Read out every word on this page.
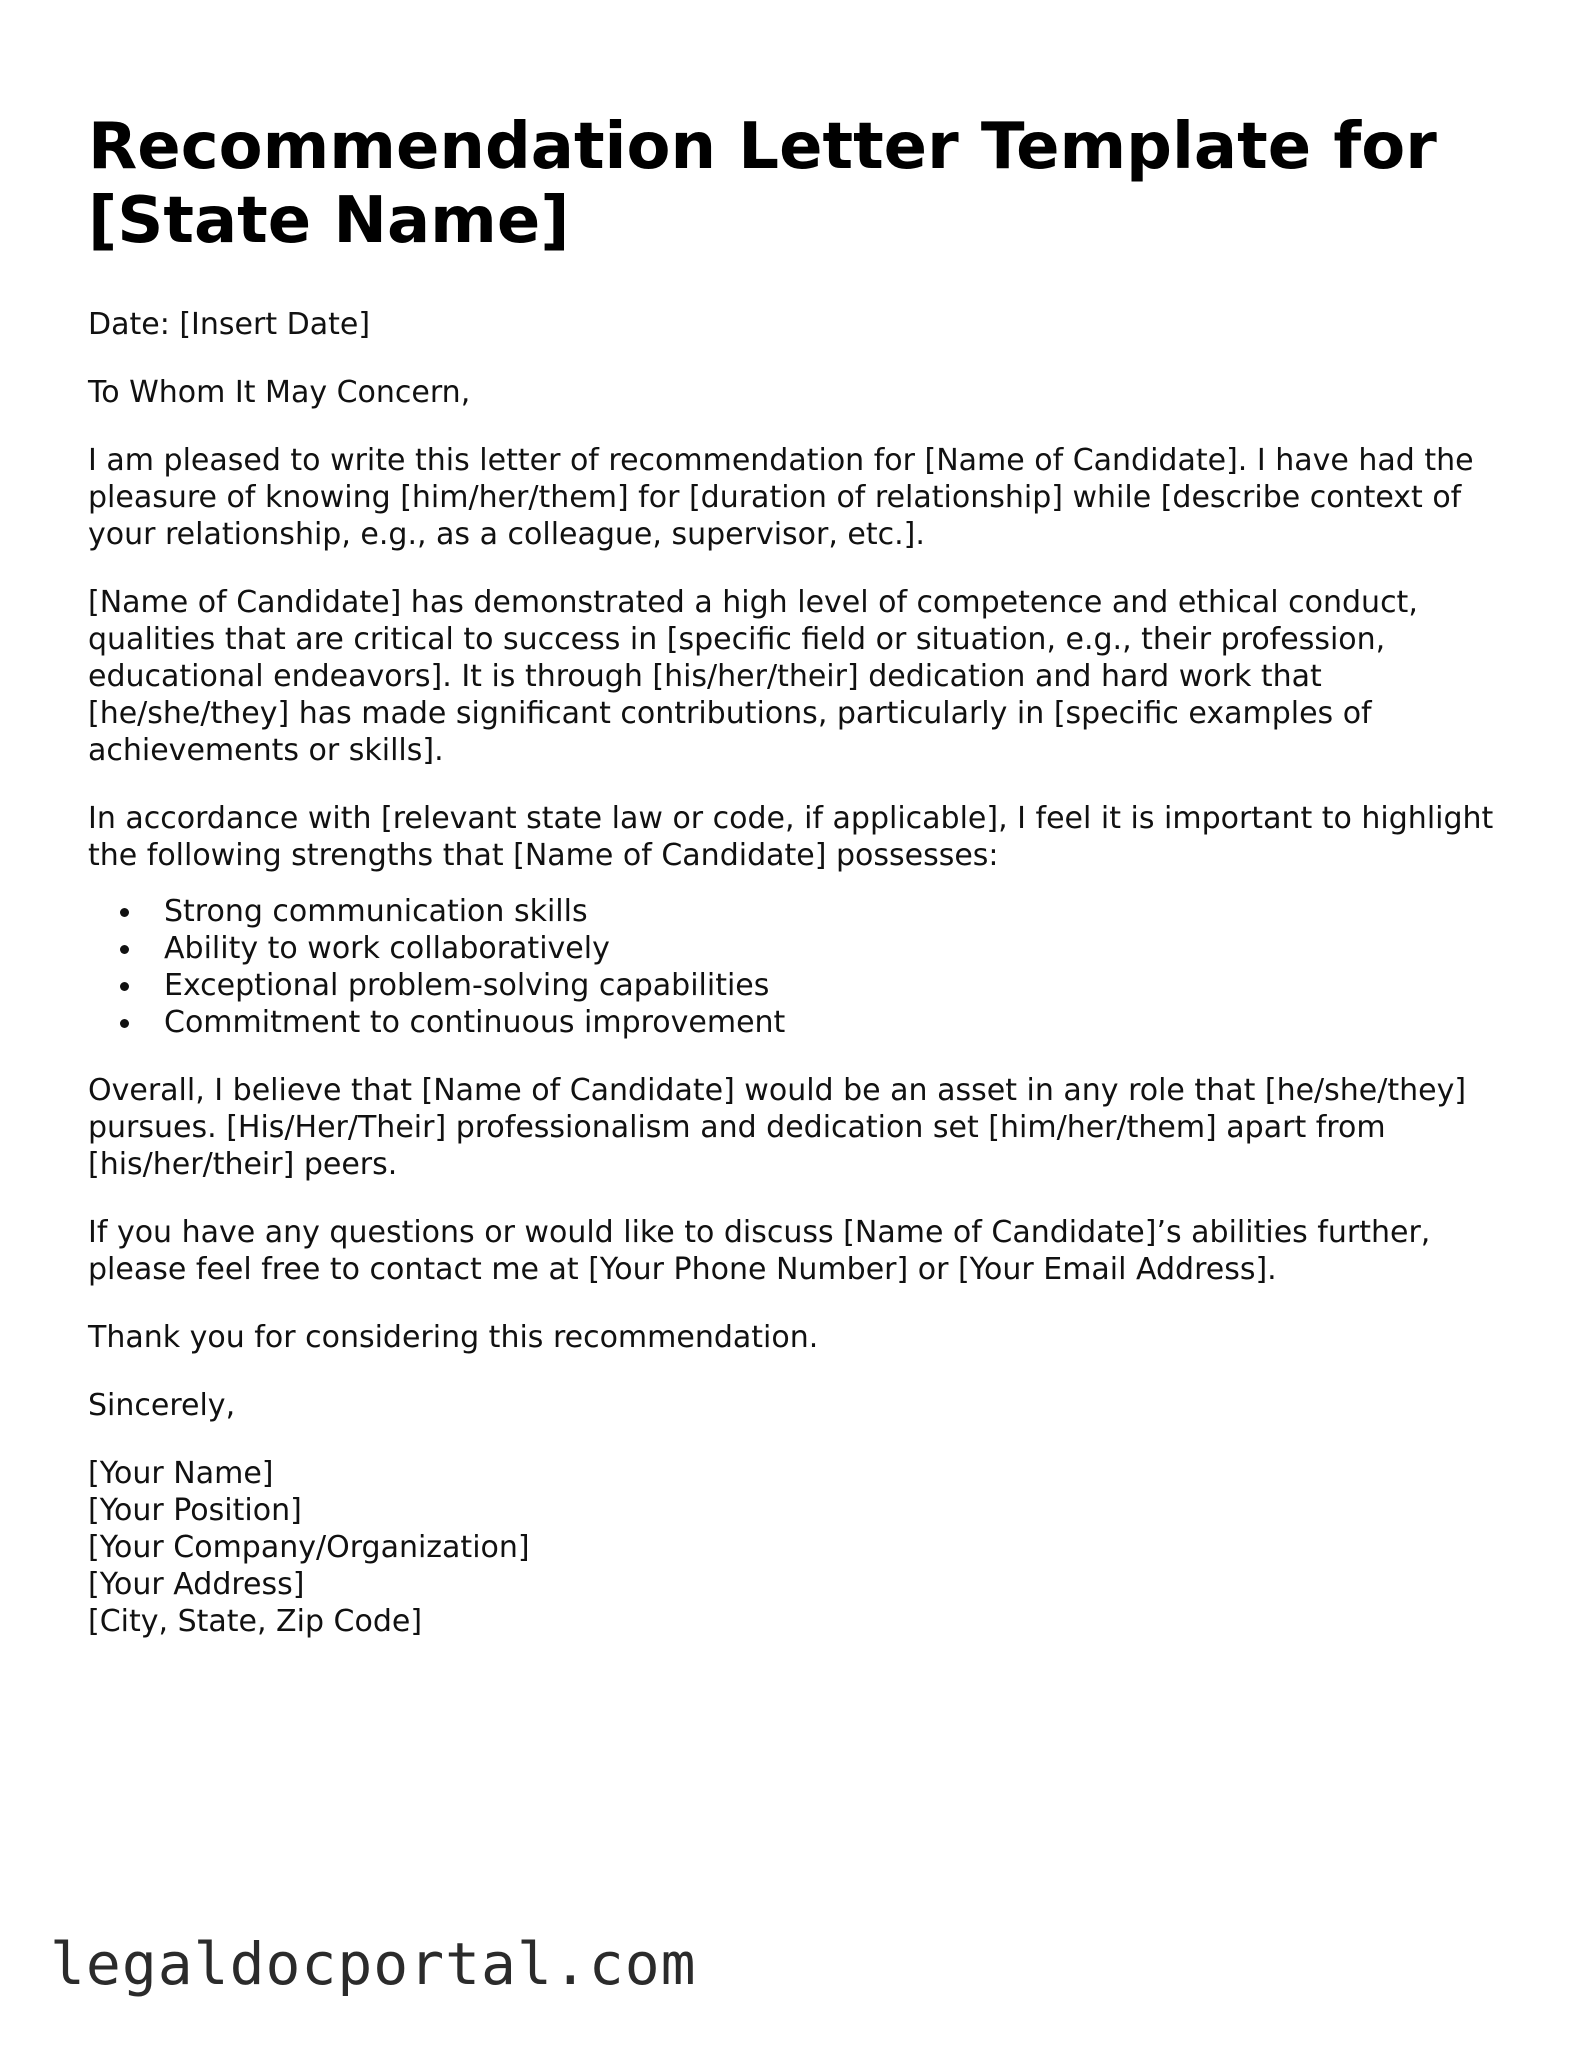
Recommendation Letter Template for [State Name]

Date: [Insert Date]

To Whom It May Concern,

I am pleased to write this letter of recommendation for [Name of Candidate]. I have had the pleasure of knowing [him/her/them] for [duration of relationship] while [describe context of your relationship, e.g., as a colleague, supervisor, etc.].

[Name of Candidate] has demonstrated a high level of competence and ethical conduct, qualities that are critical to success in [specific field or situation, e.g., their profession, educational endeavors]. It is through [his/her/their] dedication and hard work that [he/she/they] has made significant contributions, particularly in [specific examples of achievements or skills].

In accordance with [relevant state law or code, if applicable], I feel it is important to highlight the following strengths that [Name of Candidate] possesses:

Strong communication skills
Ability to work collaboratively
Exceptional problem-solving capabilities
Commitment to continuous improvement

Overall, I believe that [Name of Candidate] would be an asset in any role that [he/she/they] pursues. [His/Her/Their] professionalism and dedication set [him/her/them] apart from [his/her/their] peers.

If you have any questions or would like to discuss [Name of Candidate]’s abilities further, please feel free to contact me at [Your Phone Number] or [Your Email Address].

Thank you for considering this recommendation.

Sincerely,

[Your Name]
[Your Position]
[Your Company/Organization]
[Your Address]
[City, State, Zip Code]
legaldocportal.com
